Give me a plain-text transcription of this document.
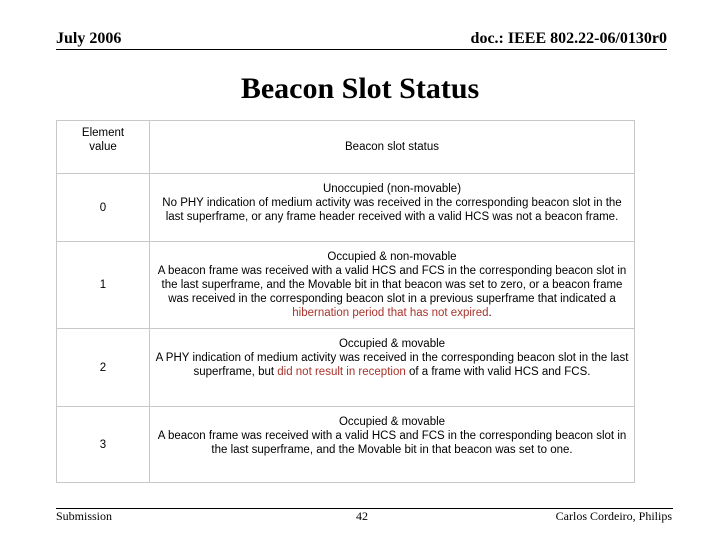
July 2006	doc.: IEEE 802.22-06/0130r0
Beacon Slot Status
Element
value	Beacon slot status
0	Unoccupied (non-movable)
No PHY indication of medium activity was received in the corresponding beacon slot in the last superframe, or any frame header received with a valid HCS was not a beacon frame.
1	Occupied & non-movable
A beacon frame was received with a valid HCS and FCS in the corresponding beacon slot in the last superframe, and the Movable bit in that beacon was set to zero, or a beacon frame was received in the corresponding beacon slot in a previous superframe that indicated a hibernation period that has not expired.
2	Occupied & movable
A PHY indication of medium activity was received in the corresponding beacon slot in the last superframe, but did not result in reception of a frame with valid HCS and FCS.
3	Occupied & movable
A beacon frame was received with a valid HCS and FCS in the corresponding beacon slot in the last superframe, and the Movable bit in that beacon was set to one.
Submission	42	Carlos Cordeiro, Philips
